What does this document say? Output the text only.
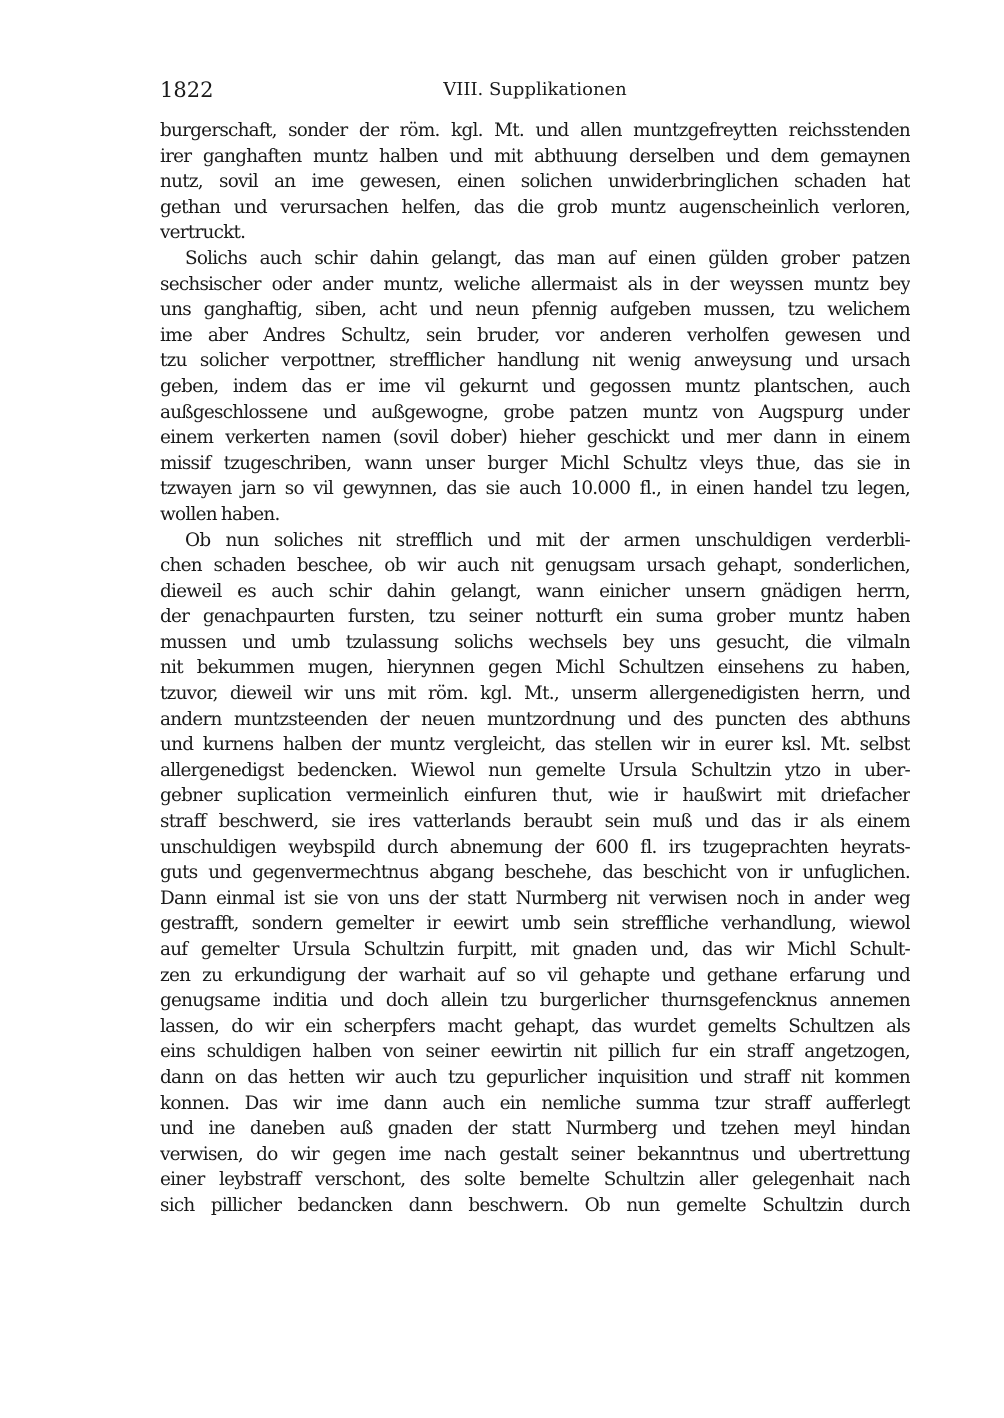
1822	VIII. Supplikationen
burgerschaft, sonder der röm. kgl. Mt. und allen muntzgefreytten reichsstenden
irer ganghaften muntz halben und mit abthuung derselben und dem gemaynen
nutz, sovil an ime gewesen, einen solichen unwiderbringlichen schaden hat
gethan und verursachen helfen, das die grob muntz augenscheinlich verloren,
vertruckt.
Solichs auch schir dahin gelangt, das man auf einen gülden grober patzen
sechsischer oder ander muntz, weliche allermaist als in der weyssen muntz bey
uns ganghaftig, siben, acht und neun pfennig aufgeben mussen, tzu welichem
ime aber Andres Schultz, sein bruder, vor anderen verholfen gewesen und
tzu solicher verpottner, strefflicher handlung nit wenig anweysung und ursach
geben, indem das er ime vil gekurnt und gegossen muntz plantschen, auch
außgeschlossene und außgewogne, grobe patzen muntz von Augspurg under
einem verkerten namen (sovil dober) hieher geschickt und mer dann in einem
missif tzugeschriben, wann unser burger Michl Schultz vleys thue, das sie in
tzwayen jarn so vil gewynnen, das sie auch 10.000 fl., in einen handel tzu legen,
wollen haben.
Ob nun soliches nit strefflich und mit der armen unschuldigen verderbli-
chen schaden beschee, ob wir auch nit genugsam ursach gehapt, sonderlichen,
dieweil es auch schir dahin gelangt, wann einicher unsern gnädigen herrn,
der genachpaurten fursten, tzu seiner notturft ein suma grober muntz haben
mussen und umb tzulassung solichs wechsels bey uns gesucht, die vilmaln
nit bekummen mugen, hierynnen gegen Michl Schultzen einsehens zu haben,
tzuvor, dieweil wir uns mit röm. kgl. Mt., unserm allergenedigisten herrn, und
andern muntzsteenden der neuen muntzordnung und des puncten des abthuns
und kurnens halben der muntz vergleicht, das stellen wir in eurer ksl. Mt. selbst
allergenedigst bedencken. Wiewol nun gemelte Ursula Schultzin ytzo in uber-
gebner suplication vermeinlich einfuren thut, wie ir haußwirt mit driefacher
straff beschwerd, sie ires vatterlands beraubt sein muß und das ir als einem
unschuldigen weybspild durch abnemung der 600 fl. irs tzugeprachten heyrats-
guts und gegenvermechtnus abgang beschehe, das beschicht von ir unfuglichen.
Dann einmal ist sie von uns der statt Nurmberg nit verwisen noch in ander weg
gestrafft, sondern gemelter ir eewirt umb sein streffliche verhandlung, wiewol
auf gemelter Ursula Schultzin furpitt, mit gnaden und, das wir Michl Schult-
zen zu erkundigung der warhait auf so vil gehapte und gethane erfarung und
genugsame inditia und doch allein tzu burgerlicher thurnsgefencknus annemen
lassen, do wir ein scherpfers macht gehapt, das wurdet gemelts Schultzen als
eins schuldigen halben von seiner eewirtin nit pillich fur ein straff angetzogen,
dann on das hetten wir auch tzu gepurlicher inquisition und straff nit kommen
konnen. Das wir ime dann auch ein nemliche summa tzur straff aufferlegt
und ine daneben auß gnaden der statt Nurmberg und tzehen meyl hindan
verwisen, do wir gegen ime nach gestalt seiner bekanntnus und ubertrettung
einer leybstraff verschont, des solte bemelte Schultzin aller gelegenhait nach
sich pillicher bedancken dann beschwern. Ob nun gemelte Schultzin durch
